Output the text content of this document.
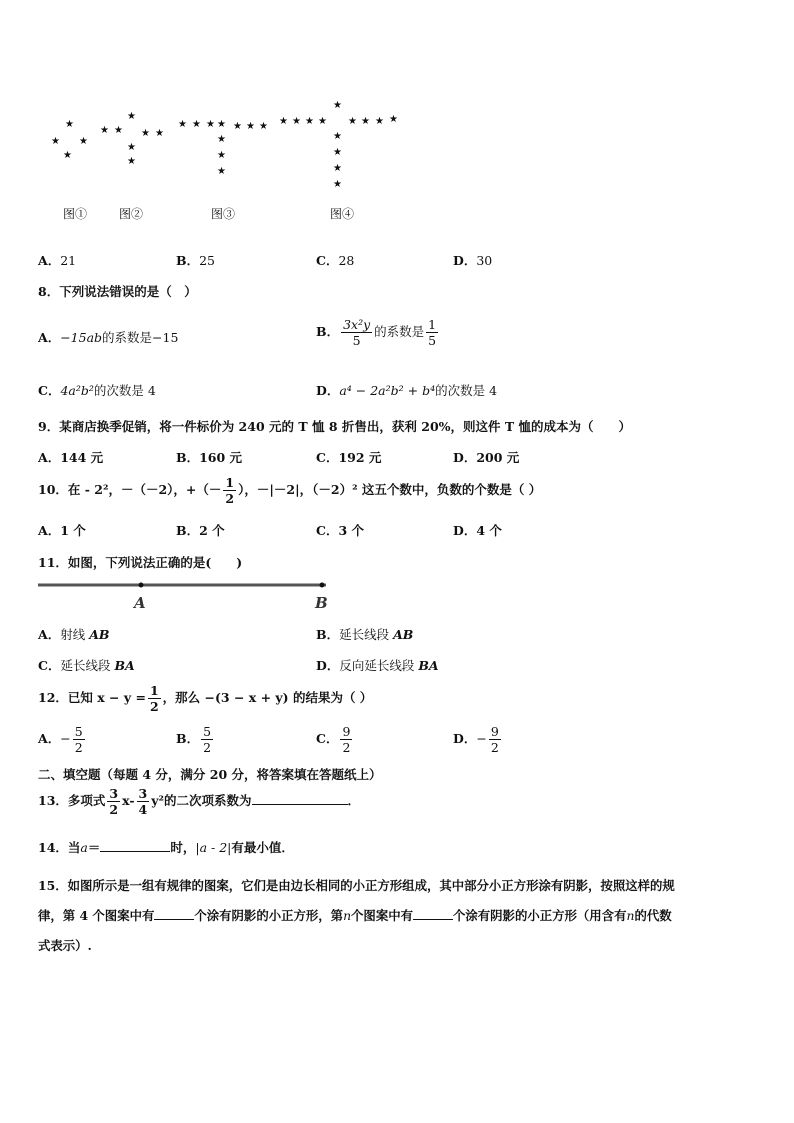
★
★ ★
★
★ ★
★
★ ★
★
★
★ ★ ★ ★ ★ ★ ★
★
★
★
★ ★ ★ ★
★
★ ★ ★ ★
★
★
★
★
图①	图②	图③	图④
A．21	B．25	C．28	D．30
8．下列说法错误的是（　）
A．−15ab的系数是−15	B． $\frac{\text{3x²y}}{5}$ 的系数是 $\frac{1}{5}$
C．4a²b²的次数是 4	D．a⁴ − 2a²b² + b⁴的次数是 4
9．某商店换季促销，将一件标价为 240 元的 T 恤 8 折售出，获利 20%，则这件 T 恤的成本为（　　）
A．144 元	B．160 元	C．192 元	D．200 元
10．在 - 2²，－（－2），+（－ $\frac{1}{2}$ ），－|－2|，（－2）² 这五个数中，负数的个数是（ ）
A．1 个	B．2 个	C．3 个	D．4 个
11．如图，下列说法正确的是(　　)
A	B
A．射线 AB	B．延长线段 AB
C．延长线段 BA	D．反向延长线段 BA
12．已知 $x - y = \frac{1}{2}$ ，那么 −(3 − x + y) 的结果为（ ）
A．− $\frac{5}{2}$	B． $\frac{5}{2}$	C． $\frac{9}{2}$	D．− $\frac{9}{2}$
二、填空题（每题 4 分，满分 20 分，将答案填在答题纸上）
13．多项式 $\frac{3}{2} x- \frac{3}{4} y^2$的二次项系数为	．
14．当a＝	时，|a - 2|有最小值．
15．如图所示是一组有规律的图案，它们是由边长相同的小正方形组成，其中部分小正方形涂有阴影，按照这样的规
律，第 4 个图案中有	个涂有阴影的小正方形，第n个图案中有	个涂有阴影的小正方形（用含有n的代数
式表示）.
